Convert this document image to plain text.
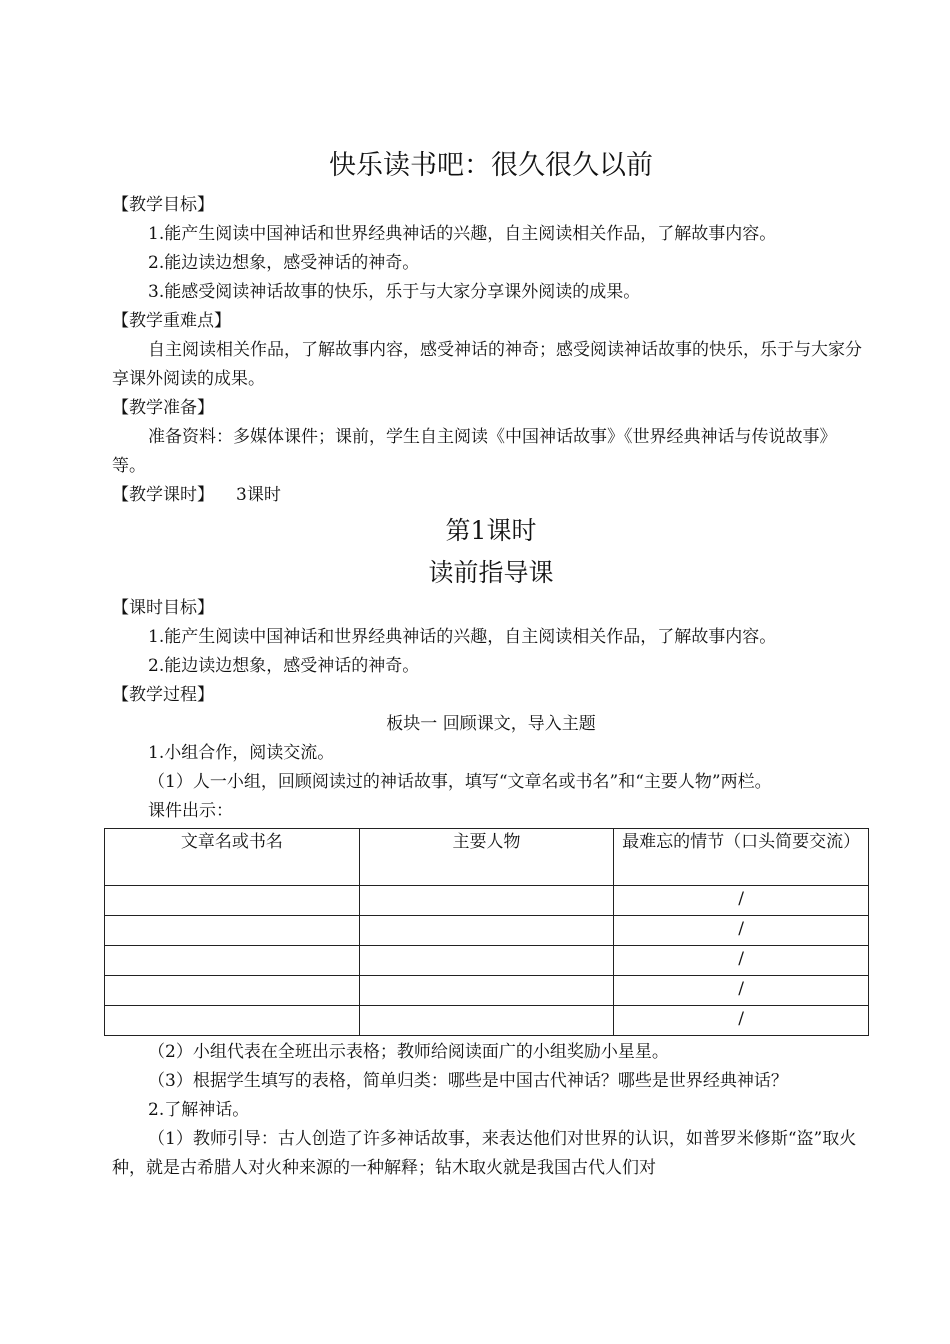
快乐读书吧：很久很久以前

【教学目标】

1.能产生阅读中国神话和世界经典神话的兴趣，自主阅读相关作品，了解故事内容。

2.能边读边想象，感受神话的神奇。

3.能感受阅读神话故事的快乐，乐于与大家分享课外阅读的成果。

【教学重难点】

自主阅读相关作品，了解故事内容，感受神话的神奇；感受阅读神话故事的快乐，乐于与大家分享课外阅读的成果。

【教学准备】

准备资料：多媒体课件；课前，学生自主阅读《中国神话故事》《世界经典神话与传说故事》等。

【教学课时】 3课时

第1课时
读前指导课

【课时目标】

1.能产生阅读中国神话和世界经典神话的兴趣，自主阅读相关作品，了解故事内容。

2.能边读边想象，感受神话的神奇。

【教学过程】

板块一 回顾课文，导入主题

1.小组合作，阅读交流。

（1）人一小组，回顾阅读过的神话故事，填写“文章名或书名”和“主要人物”两栏。

课件出示：

文章名或书名	主要人物	最难忘的情节（口头简要交流）
		/
		/
		/
		/
		/

（2）小组代表在全班出示表格；教师给阅读面广的小组奖励小星星。

（3）根据学生填写的表格，简单归类：哪些是中国古代神话？哪些是世界经典神话？

2.了解神话。

（1）教师引导：古人创造了许多神话故事，来表达他们对世界的认识，如普罗米修斯“盗”取火种，就是古希腊人对火种来源的一种解释；钻木取火就是我国古代人们对
